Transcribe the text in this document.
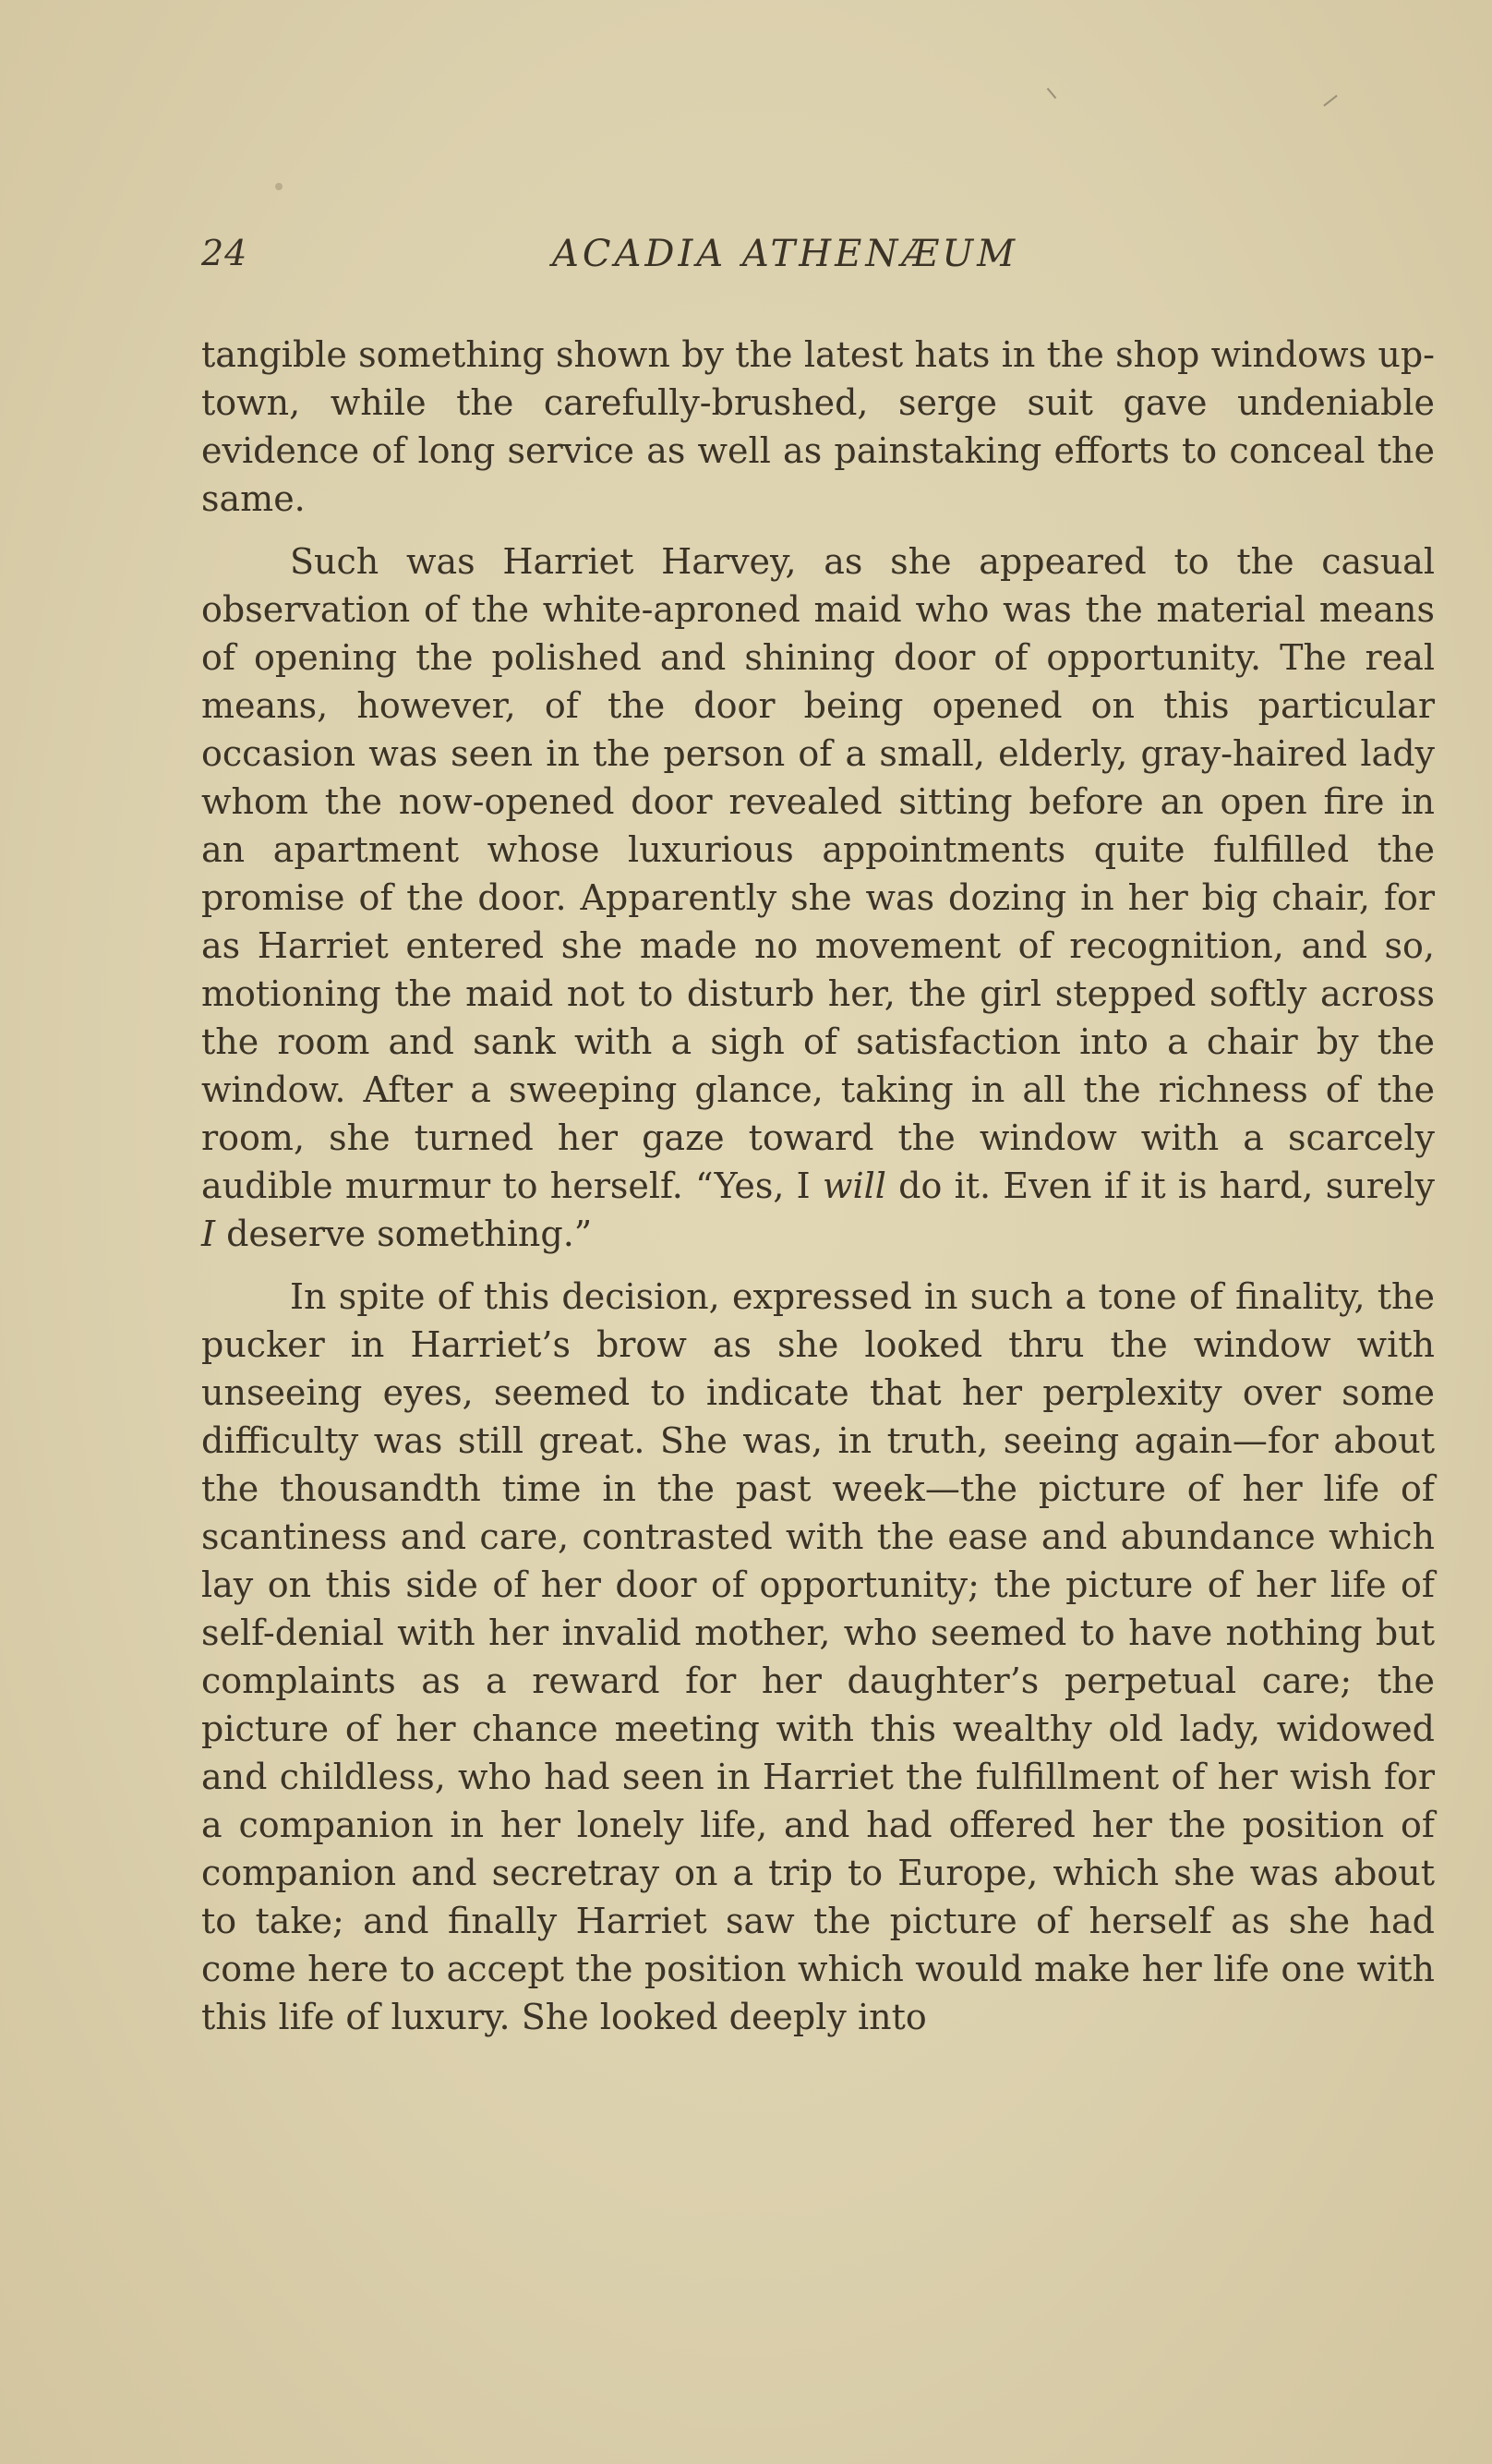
24	ACADIA ATHENÆUM

tangible something shown by the latest hats in the shop windows up-town, while the carefully-brushed, serge suit gave undeniable evidence of long service as well as painstaking efforts to conceal the same.

Such was Harriet Harvey, as she appeared to the casual observation of the white-aproned maid who was the material means of opening the polished and shining door of opportunity. The real means, however, of the door being opened on this particular occasion was seen in the person of a small, elderly, gray-haired lady whom the now-opened door revealed sitting before an open fire in an apartment whose luxurious appointments quite fulfilled the promise of the door. Apparently she was dozing in her big chair, for as Harriet entered she made no movement of recognition, and so, motioning the maid not to disturb her, the girl stepped softly across the room and sank with a sigh of satisfaction into a chair by the window. After a sweeping glance, taking in all the richness of the room, she turned her gaze toward the window with a scarcely audible murmur to herself. “Yes, I will do it. Even if it is hard, surely I deserve something.”

In spite of this decision, expressed in such a tone of finality, the pucker in Harriet’s brow as she looked thru the window with unseeing eyes, seemed to indicate that her perplexity over some difficulty was still great. She was, in truth, seeing again—for about the thousandth time in the past week—the picture of her life of scantiness and care, contrasted with the ease and abundance which lay on this side of her door of opportunity; the picture of her life of self-denial with her invalid mother, who seemed to have nothing but complaints as a reward for her daughter’s perpetual care; the picture of her chance meeting with this wealthy old lady, widowed and childless, who had seen in Harriet the fulfillment of her wish for a companion in her lonely life, and had offered her the position of companion and secretray on a trip to Europe, which she was about to take; and finally Harriet saw the picture of herself as she had come here to accept the position which would make her life one with this life of luxury. She looked deeply into
